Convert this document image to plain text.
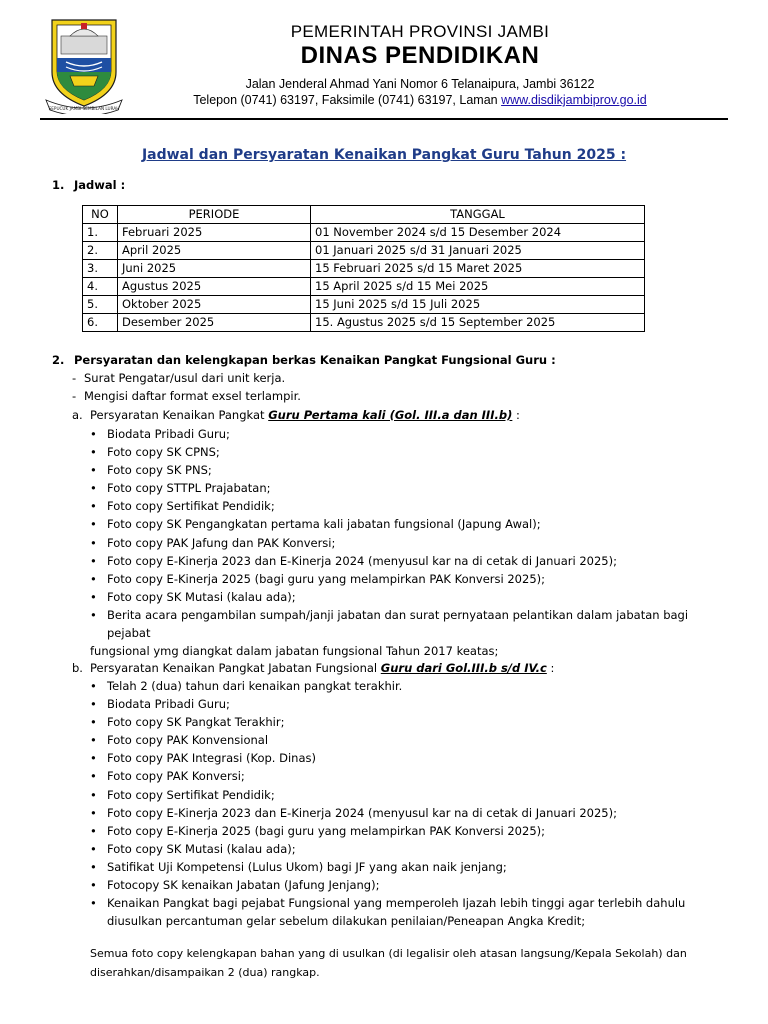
SEPUCUK JAMBI SEMBILAN LURAH
PEMERINTAH PROVINSI JAMBI
DINAS PENDIDIKAN
Jalan Jenderal Ahmad Yani Nomor 6 Telanaipura, Jambi 36122
Telepon (0741) 63197, Faksimile (0741) 63197, Laman www.disdikjambiprov.go.id
Jadwal dan Persyaratan Kenaikan Pangkat Guru Tahun 2025 :
1. Jadwal :
NO	PERIODE	TANGGAL
1.	Februari 2025	01 November 2024 s/d 15 Desember 2024
2.	April 2025	01 Januari 2025 s/d 31 Januari 2025
3.	Juni 2025	15 Februari 2025 s/d 15 Maret 2025
4.	Agustus 2025	15 April 2025 s/d 15 Mei 2025
5.	Oktober 2025	15 Juni 2025 s/d 15 Juli 2025
6.	Desember 2025	15. Agustus 2025 s/d 15 September 2025
2. Persyaratan dan kelengkapan berkas Kenaikan Pangkat Fungsional Guru :
- Surat Pengatar/usul dari unit kerja.
- Mengisi daftar format exsel terlampir.
a. Persyaratan Kenaikan Pangkat Guru Pertama kali (Gol. III.a dan III.b) :
• Biodata Pribadi Guru;
• Foto copy SK CPNS;
• Foto copy SK PNS;
• Foto copy STTPL Prajabatan;
• Foto copy Sertifikat Pendidik;
• Foto copy SK Pengangkatan pertama kali jabatan fungsional (Japung Awal);
• Foto copy PAK Jafung dan PAK Konversi;
• Foto copy E-Kinerja 2023 dan E-Kinerja 2024 (menyusul kar na di cetak di Januari 2025);
• Foto copy E-Kinerja 2025 (bagi guru yang melampirkan PAK Konversi 2025);
• Foto copy SK Mutasi (kalau ada);
• Berita acara pengambilan sumpah/janji jabatan dan surat pernyataan pelantikan dalam jabatan bagi pejabat
fungsional ymg diangkat dalam jabatan fungsional Tahun 2017 keatas;
b. Persyaratan Kenaikan Pangkat Jabatan Fungsional Guru dari Gol.III.b s/d IV.c :
• Telah 2 (dua) tahun dari kenaikan pangkat terakhir.
• Biodata Pribadi Guru;
• Foto copy SK Pangkat Terakhir;
• Foto copy PAK Konvensional
• Foto copy PAK Integrasi (Kop. Dinas)
• Foto copy PAK Konversi;
• Foto copy Sertifikat Pendidik;
• Foto copy E-Kinerja 2023 dan E-Kinerja 2024 (menyusul kar na di cetak di Januari 2025);
• Foto copy E-Kinerja 2025 (bagi guru yang melampirkan PAK Konversi 2025);
• Foto copy SK Mutasi (kalau ada);
• Satifikat Uji Kompetensi (Lulus Ukom) bagi JF yang akan naik jenjang;
• Fotocopy SK kenaikan Jabatan (Jafung Jenjang);
• Kenaikan Pangkat bagi pejabat Fungsional yang memperoleh Ijazah lebih tinggi agar terlebih dahulu
diusulkan percantuman gelar sebelum dilakukan penilaian/Peneapan Angka Kredit;
Semua foto copy kelengkapan bahan yang di usulkan (di legalisir oleh atasan langsung/Kepala Sekolah) dan
diserahkan/disampaikan 2 (dua) rangkap.
